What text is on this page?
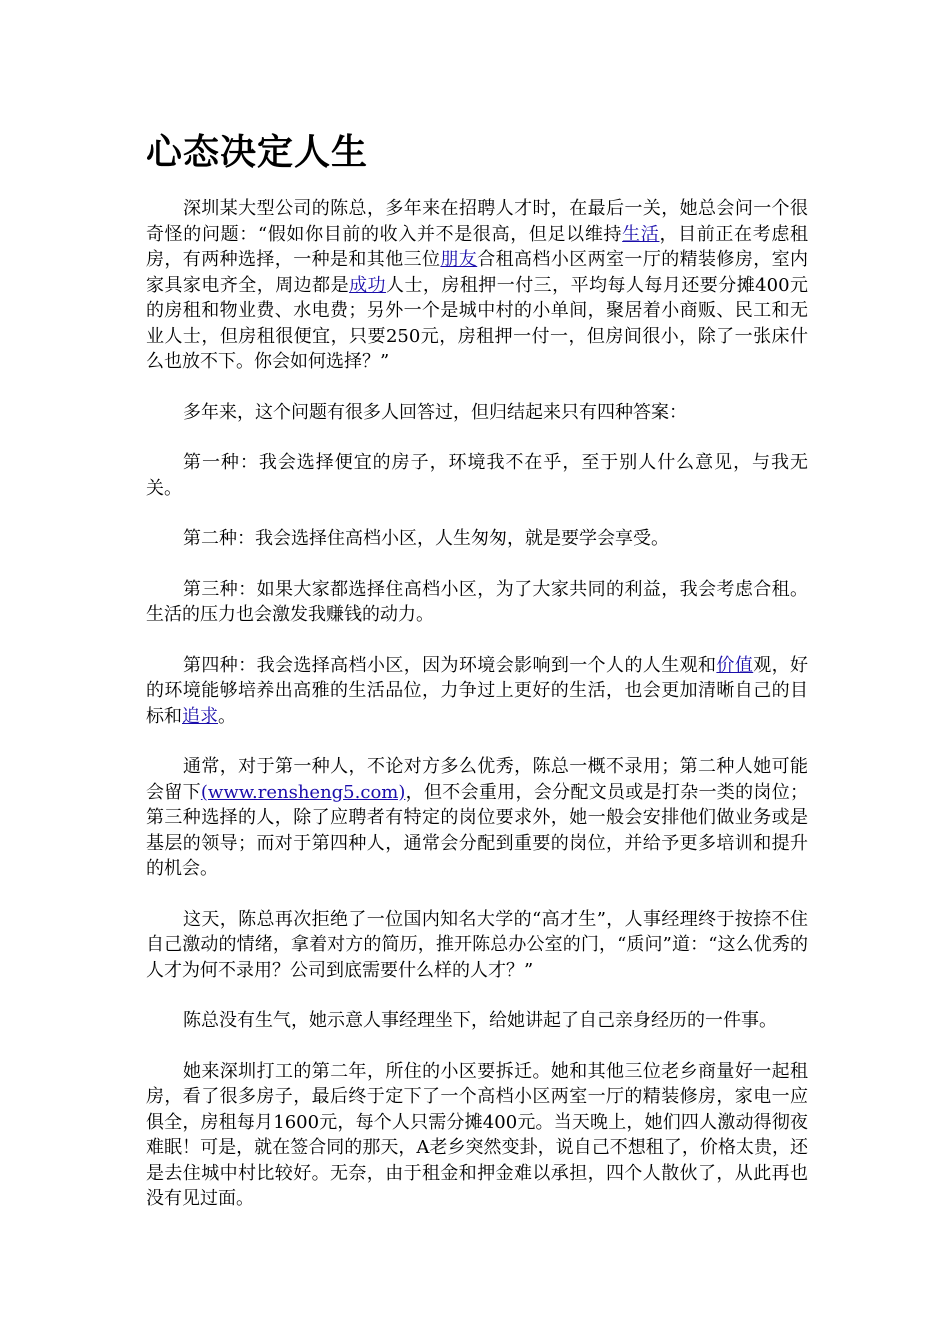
心态决定人生

深圳某大型公司的陈总，多年来在招聘人才时，在最后一关，她总会问一个很奇怪的问题：“假如你目前的收入并不是很高，但足以维持生活，目前正在考虑租房，有两种选择，一种是和其他三位朋友合租高档小区两室一厅的精装修房，室内家具家电齐全，周边都是成功人士，房租押一付三，平均每人每月还要分摊400元的房租和物业费、水电费；另外一个是城中村的小单间，聚居着小商贩、民工和无业人士，但房租很便宜，只要250元，房租押一付一，但房间很小，除了一张床什么也放不下。你会如何选择？”

多年来，这个问题有很多人回答过，但归结起来只有四种答案：

第一种：我会选择便宜的房子，环境我不在乎，至于别人什么意见，与我无关。

第二种：我会选择住高档小区，人生匆匆，就是要学会享受。

第三种：如果大家都选择住高档小区，为了大家共同的利益，我会考虑合租。生活的压力也会激发我赚钱的动力。

第四种：我会选择高档小区，因为环境会影响到一个人的人生观和价值观，好的环境能够培养出高雅的生活品位，力争过上更好的生活，也会更加清晰自己的目标和追求。

通常，对于第一种人，不论对方多么优秀，陈总一概不录用；第二种人她可能会留下(www.rensheng5.com)，但不会重用，会分配文员或是打杂一类的岗位；第三种选择的人，除了应聘者有特定的岗位要求外，她一般会安排他们做业务或是基层的领导；而对于第四种人，通常会分配到重要的岗位，并给予更多培训和提升的机会。

这天，陈总再次拒绝了一位国内知名大学的“高才生”，人事经理终于按捺不住自己激动的情绪，拿着对方的简历，推开陈总办公室的门，“质问”道：“这么优秀的人才为何不录用？公司到底需要什么样的人才？”

陈总没有生气，她示意人事经理坐下，给她讲起了自己亲身经历的一件事。

她来深圳打工的第二年，所住的小区要拆迁。她和其他三位老乡商量好一起租房，看了很多房子，最后终于定下了一个高档小区两室一厅的精装修房，家电一应俱全，房租每月1600元，每个人只需分摊400元。当天晚上，她们四人激动得彻夜难眠！可是，就在签合同的那天，A老乡突然变卦，说自己不想租了，价格太贵，还是去住城中村比较好。无奈，由于租金和押金难以承担，四个人散伙了，从此再也没有见过面。
